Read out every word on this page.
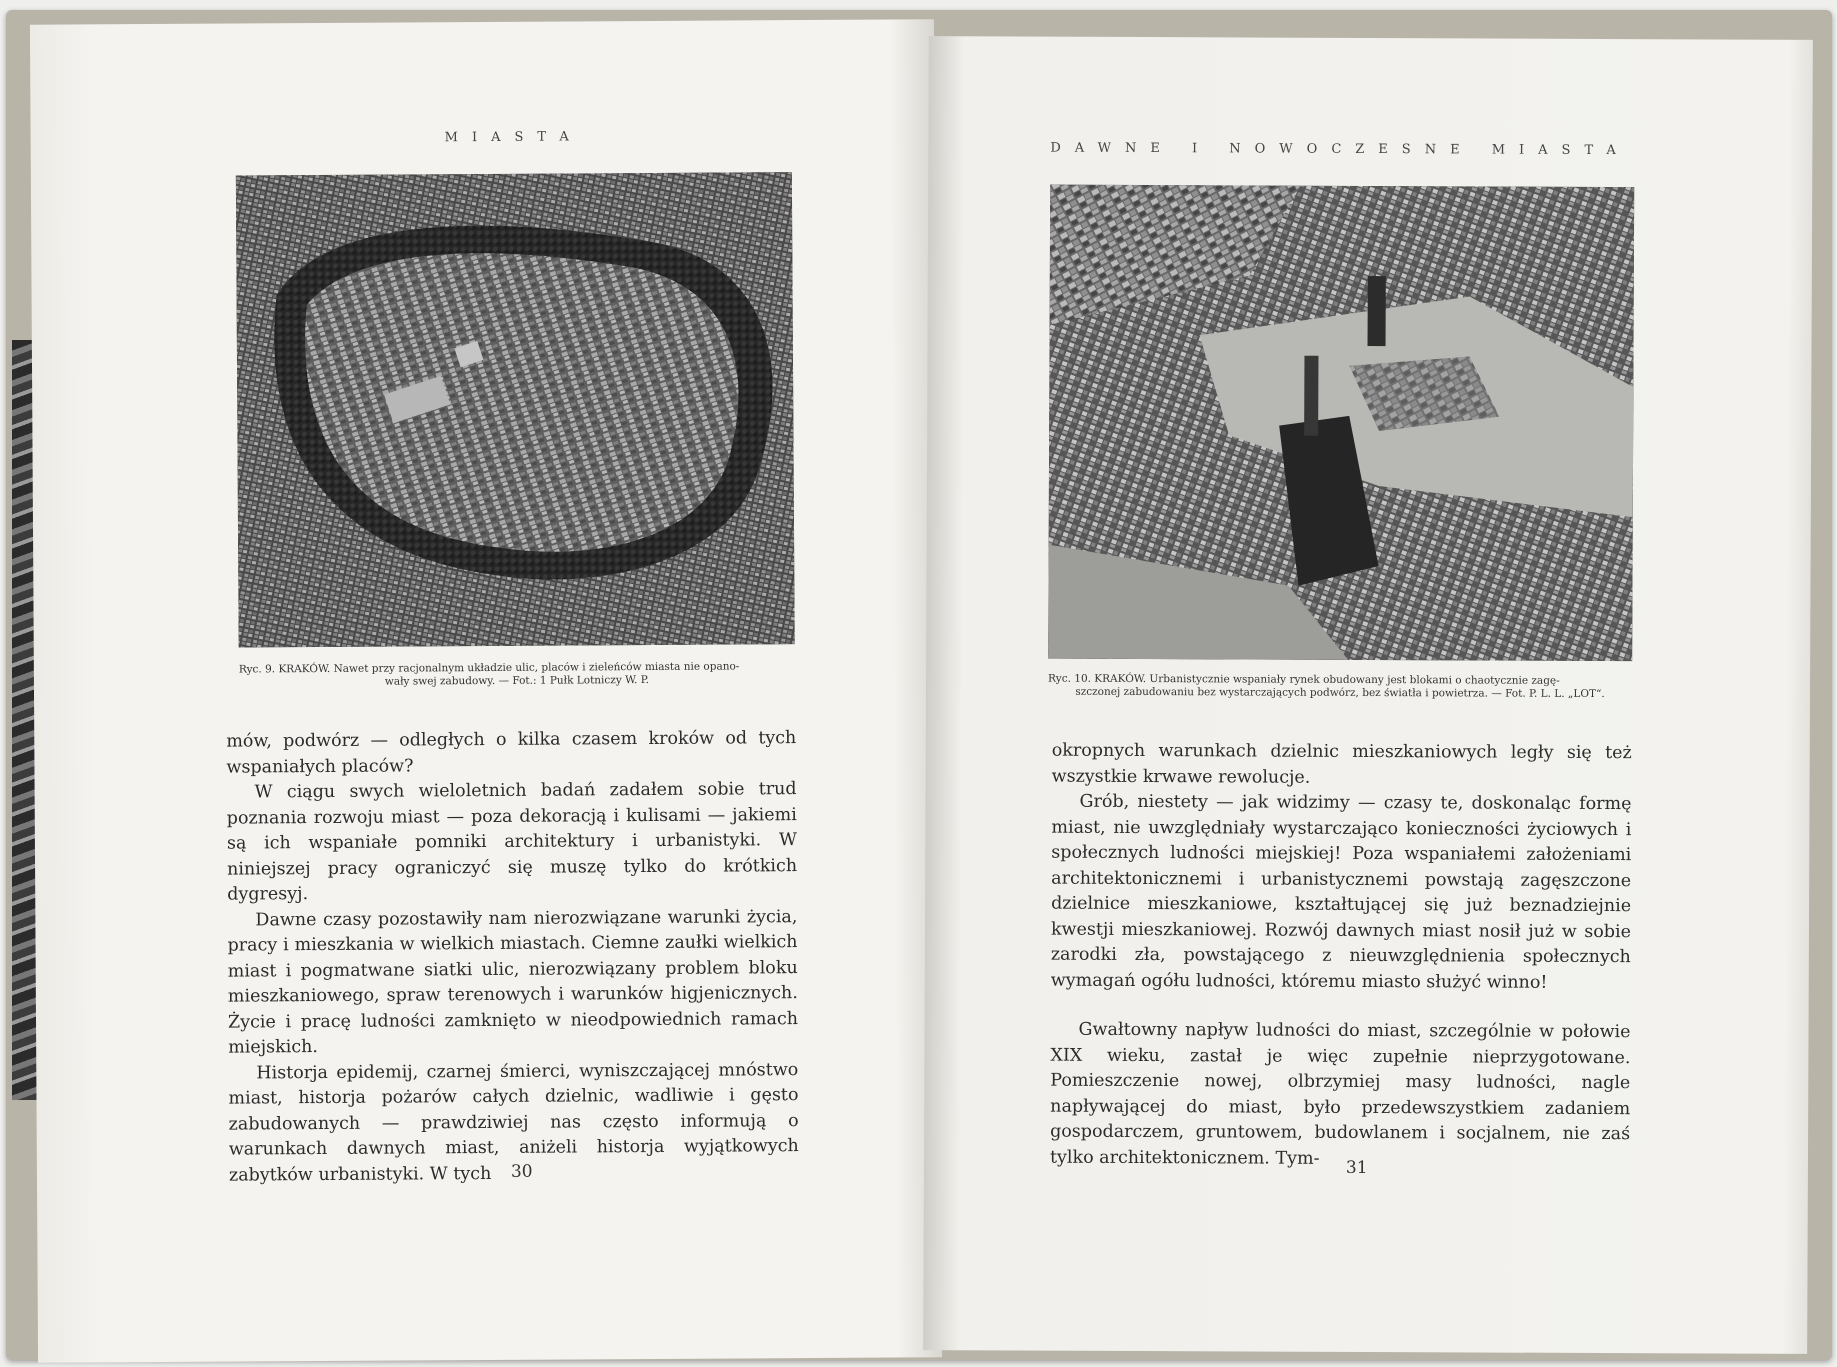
MIASTA
Ryc. 9. KRAKÓW. Nawet przy racjonalnym układzie ulic, placów i zieleńców miasta nie opano-
wały swej zabudowy. — Fot.: 1 Pułk Lotniczy W. P.

mów, podwórz — odległych o kilka czasem kroków od tych wspaniałych placów?

W ciągu swych wieloletnich badań zadałem sobie trud poznania rozwoju miast — poza dekoracją i kulisami — jakiemi są ich wspaniałe pomniki architektury i urbanistyki. W niniejszej pracy ograniczyć się muszę tylko do krótkich dygresyj.

Dawne czasy pozostawiły nam nierozwiązane warunki życia, pracy i mieszkania w wielkich miastach. Ciemne zaułki wielkich miast i pogmatwane siatki ulic, nierozwiązany problem bloku mieszkaniowego, spraw terenowych i warunków higjenicznych. Życie i pracę ludności zamknięto w nieodpowiednich ramach miejskich.

Historja epidemij, czarnej śmierci, wyniszczającej mnóstwo miast, historja pożarów całych dzielnic, wadliwie i gęsto zabudowanych — prawdziwiej nas często informują o warunkach dawnych miast, aniżeli historja wyjątkowych zabytków urbanistyki. W tych	30
DAWNE I NOWOCZESNE MIASTA
Ryc. 10. KRAKÓW. Urbanistycznie wspaniały rynek obudowany jest blokami o chaotycznie zagę-
szczonej zabudowaniu bez wystarczających podwórz, bez światła i powietrza. — Fot. P. L. L. „LOT“.

okropnych warunkach dzielnic mieszkaniowych legły się też wszystkie krwawe rewolucje.

Grób, niestety — jak widzimy — czasy te, doskonaląc formę miast, nie uwzględniały wystarczająco konieczności życiowych i społecznych ludności miejskiej! Poza wspaniałemi założeniami architektonicznemi i urbanistycznemi powstają zagęszczone dzielnice mieszkaniowe, kształtującej się już beznadziejnie kwestji mieszkaniowej. Rozwój dawnych miast nosił już w sobie zarodki zła, powstającego z nieuwzględnienia społecznych wymagań ogółu ludności, któremu miasto służyć winno!

Gwałtowny napływ ludności do miast, szczególnie w połowie XIX wieku, zastał je więc zupełnie nieprzygotowane. Pomieszczenie nowej, olbrzymiej masy ludności, nagle napływającej do miast, było przedewszystkiem zadaniem gospodarczem, gruntowem, budowlanem i socjalnem, nie zaś tylko architektonicznem. Tym-	31
